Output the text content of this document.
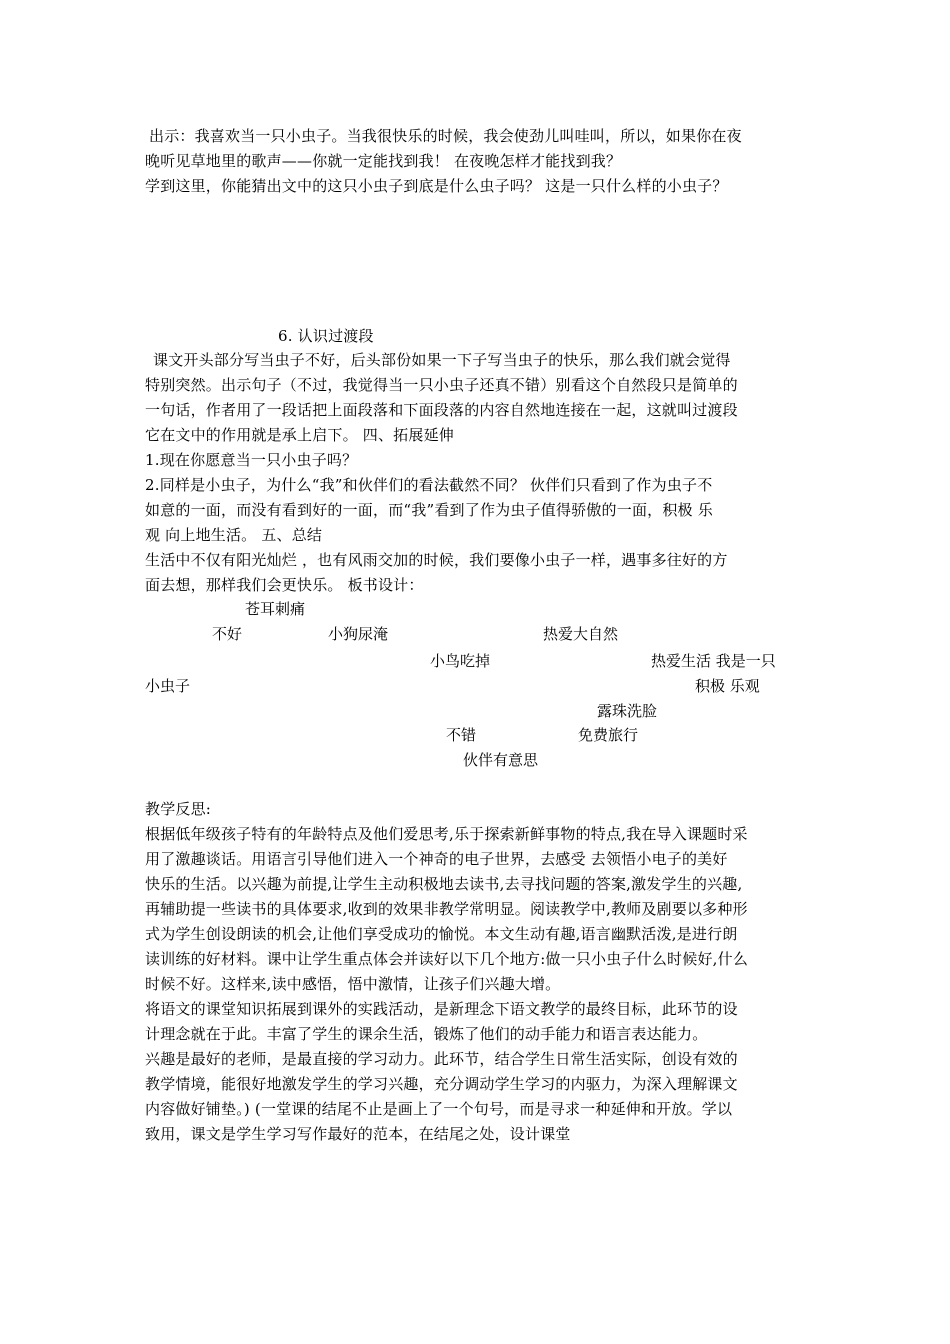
出示：我喜欢当一只小虫子。当我很快乐的时候，我会使劲儿叫哇叫，所以，如果你在夜
晚听见草地里的歌声——你就一定能找到我！ 在夜晚怎样才能找到我？
学到这里，你能猜出文中的这只小虫子到底是什么虫子吗？ 这是一只什么样的小虫子？
6. 认识过渡段
课文开头部分写当虫子不好，后头部份如果一下子写当虫子的快乐，那么我们就会觉得
特别突然。出示句子（不过，我觉得当一只小虫子还真不错）别看这个自然段只是简单的
一句话，作者用了一段话把上面段落和下面段落的内容自然地连接在一起，这就叫过渡段
它在文中的作用就是承上启下。 四、拓展延伸
1.现在你愿意当一只小虫子吗？
2.同样是小虫子，为什么“我”和伙伴们的看法截然不同？ 伙伴们只看到了作为虫子不
如意的一面，而没有看到好的一面，而“我”看到了作为虫子值得骄傲的一面，积极 乐
观 向上地生活。 五、总结
生活中不仅有阳光灿烂 ，也有风雨交加的时候，我们要像小虫子一样，遇事多往好的方
面去想，那样我们会更快乐。 板书设计：
苍耳刺痛
不好	小狗尿淹	热爱大自然
小鸟吃掉	热爱生活 我是一只
小虫子	积极 乐观
露珠洗脸
不错	免费旅行
伙伴有意思
教学反思:
根据低年级孩子特有的年龄特点及他们爱思考,乐于探索新鲜事物的特点,我在导入课题时采
用了激趣谈话。用语言引导他们进入一个神奇的电子世界，去感受 去领悟小电子的美好
快乐的生活。以兴趣为前提,让学生主动积极地去读书,去寻找问题的答案,激发学生的兴趣,
再辅助提一些读书的具体要求,收到的效果非教学常明显。阅读教学中,教师及剧要以多种形
式为学生创设朗读的机会,让他们享受成功的愉悦。本文生动有趣,语言幽默活泼,是进行朗
读训练的好材料。课中让学生重点体会并读好以下几个地方:做一只小虫子什么时候好,什么
时候不好。这样来,读中感悟，悟中激情，让孩子们兴趣大增。
将语文的课堂知识拓展到课外的实践活动，是新理念下语文教学的最终目标，此环节的设
计理念就在于此。丰富了学生的课余生活，锻炼了他们的动手能力和语言表达能力。
兴趣是最好的老师，是最直接的学习动力。此环节，结合学生日常生活实际，创设有效的
教学情境，能很好地激发学生的学习兴趣，充分调动学生学习的内驱力，为深入理解课文
内容做好铺垫。) (一堂课的结尾不止是画上了一个句号，而是寻求一种延伸和开放。学以
致用，课文是学生学习写作最好的范本，在结尾之处，设计课堂
